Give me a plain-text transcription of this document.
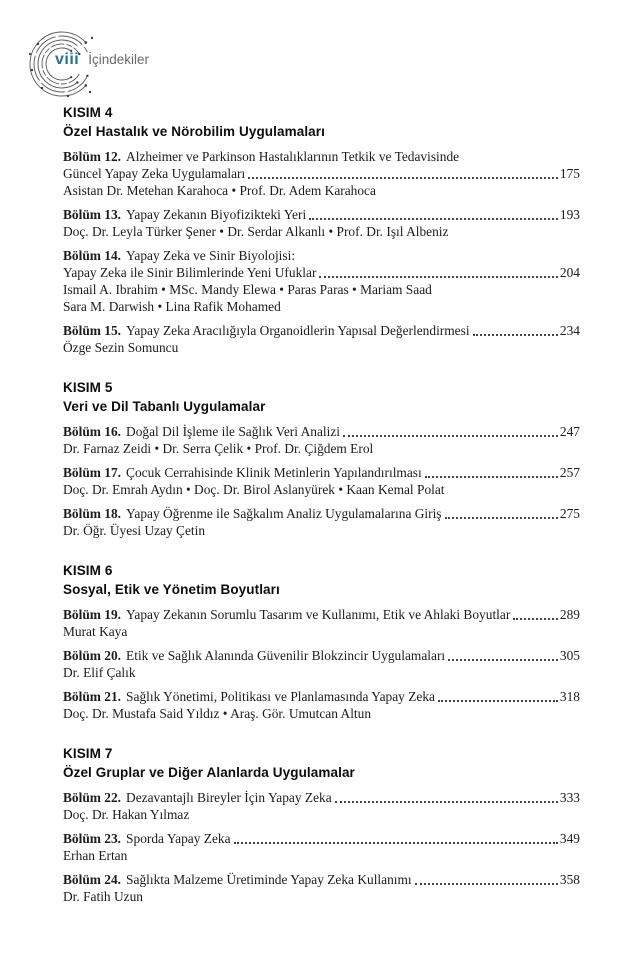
viii İçindekiler
KISIM 4
Özel Hastalık ve Nörobilim Uygulamaları
Bölüm 12. Alzheimer ve Parkinson Hastalıklarının Tetkik ve Tedavisinde
Güncel Yapay Zeka Uygulamaları	175
Asistan Dr. Metehan Karahoca • Prof. Dr. Adem Karahoca
Bölüm 13. Yapay Zekanın Biyofizikteki Yeri	193
Doç. Dr. Leyla Türker Şener • Dr. Serdar Alkanlı • Prof. Dr. Işıl Albeniz
Bölüm 14. Yapay Zeka ve Sinir Biyolojisi:
Yapay Zeka ile Sinir Bilimlerinde Yeni Ufuklar	204
Ismail A. Ibrahim • MSc. Mandy Elewa • Paras Paras • Mariam Saad
Sara M. Darwish • Lina Rafik Mohamed
Bölüm 15. Yapay Zeka Aracılığıyla Organoidlerin Yapısal Değerlendirmesi	234
Özge Sezin Somuncu
KISIM 5
Veri ve Dil Tabanlı Uygulamalar
Bölüm 16. Doğal Dil İşleme ile Sağlık Veri Analizi	247
Dr. Farnaz Zeidi • Dr. Serra Çelik • Prof. Dr. Çiğdem Erol
Bölüm 17. Çocuk Cerrahisinde Klinik Metinlerin Yapılandırılması	257
Doç. Dr. Emrah Aydın • Doç. Dr. Birol Aslanyürek • Kaan Kemal Polat
Bölüm 18. Yapay Öğrenme ile Sağkalım Analiz Uygulamalarına Giriş	275
Dr. Öğr. Üyesi Uzay Çetin
KISIM 6
Sosyal, Etik ve Yönetim Boyutları
Bölüm 19. Yapay Zekanın Sorumlu Tasarım ve Kullanımı, Etik ve Ahlaki Boyutlar	289
Murat Kaya
Bölüm 20. Etik ve Sağlık Alanında Güvenilir Blokzincir Uygulamaları	305
Dr. Elif Çalık
Bölüm 21. Sağlık Yönetimi, Politikası ve Planlamasında Yapay Zeka	318
Doç. Dr. Mustafa Said Yıldız • Araş. Gör. Umutcan Altun
KISIM 7
Özel Gruplar ve Diğer Alanlarda Uygulamalar
Bölüm 22. Dezavantajlı Bireyler İçin Yapay Zeka	333
Doç. Dr. Hakan Yılmaz
Bölüm 23. Sporda Yapay Zeka	349
Erhan Ertan
Bölüm 24. Sağlıkta Malzeme Üretiminde Yapay Zeka Kullanımı	358
Dr. Fatih Uzun
